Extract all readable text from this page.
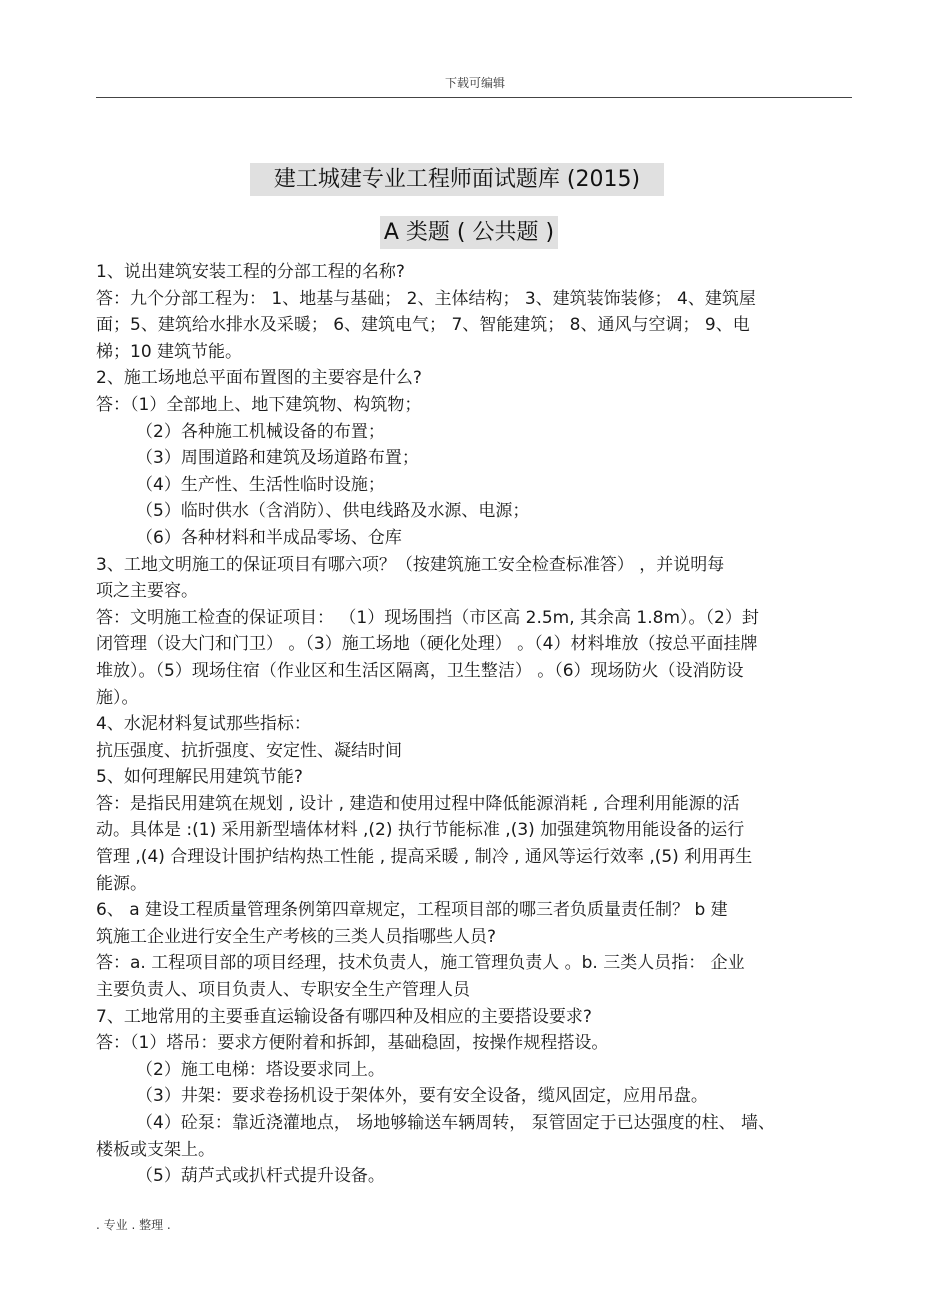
下载可编辑
建工城建专业工程师面试题库 (2015)
A 类题 ( 公共题 )
1、说出建筑安装工程的分部工程的名称?
答：九个分部工程为： 1、地基与基础； 2、主体结构； 3、建筑装饰装修； 4、建筑屋
面；5、建筑给水排水及采暖； 6、建筑电气； 7、智能建筑； 8、通风与空调； 9、电
梯；10 建筑节能。
2、施工场地总平面布置图的主要容是什么?
答：（1）全部地上、地下建筑物、构筑物；
（2）各种施工机械设备的布置；
（3）周围道路和建筑及场道路布置；
（4）生产性、生活性临时设施；
（5）临时供水（含消防）、供电线路及水源、电源；
（6）各种材料和半成品零场、仓库
3、工地文明施工的保证项目有哪六项？（按建筑施工安全检查标准答） ，并说明每
项之主要容。
答：文明施工检查的保证项目： （1）现场围挡（市区高 2.5m, 其余高 1.8m）。（2）封
闭管理（设大门和门卫） 。（3）施工场地（硬化处理） 。（4）材料堆放（按总平面挂牌
堆放）。（5）现场住宿（作业区和生活区隔离，卫生整洁） 。（6）现场防火（设消防设
施）。
4、水泥材料复试那些指标：
抗压强度、抗折强度、安定性、凝结时间
5、如何理解民用建筑节能?
答：是指民用建筑在规划 , 设计 , 建造和使用过程中降低能源消耗 , 合理利用能源的活
动。具体是 :(1) 采用新型墙体材料 ,(2) 执行节能标准 ,(3) 加强建筑物用能设备的运行
管理 ,(4) 合理设计围护结构热工性能 , 提高采暖 , 制冷 , 通风等运行效率 ,(5) 利用再生
能源。
6、 a 建设工程质量管理条例第四章规定，工程项目部的哪三者负质量责任制？ b 建
筑施工企业进行安全生产考核的三类人员指哪些人员?
答：a. 工程项目部的项目经理，技术负责人，施工管理负责人 。b. 三类人员指： 企业
主要负责人、项目负责人、专职安全生产管理人员
7、工地常用的主要垂直运输设备有哪四种及相应的主要搭设要求?
答：（1）塔吊：要求方便附着和拆卸，基础稳固，按操作规程搭设。
（2）施工电梯：塔设要求同上。
（3）井架：要求卷扬机设于架体外，要有安全设备，缆风固定，应用吊盘。
（4）砼泵：靠近浇灌地点， 场地够输送车辆周转， 泵管固定于已达强度的柱、 墙、
楼板或支架上。
（5）葫芦式或扒杆式提升设备。
. 专业 . 整理 .
